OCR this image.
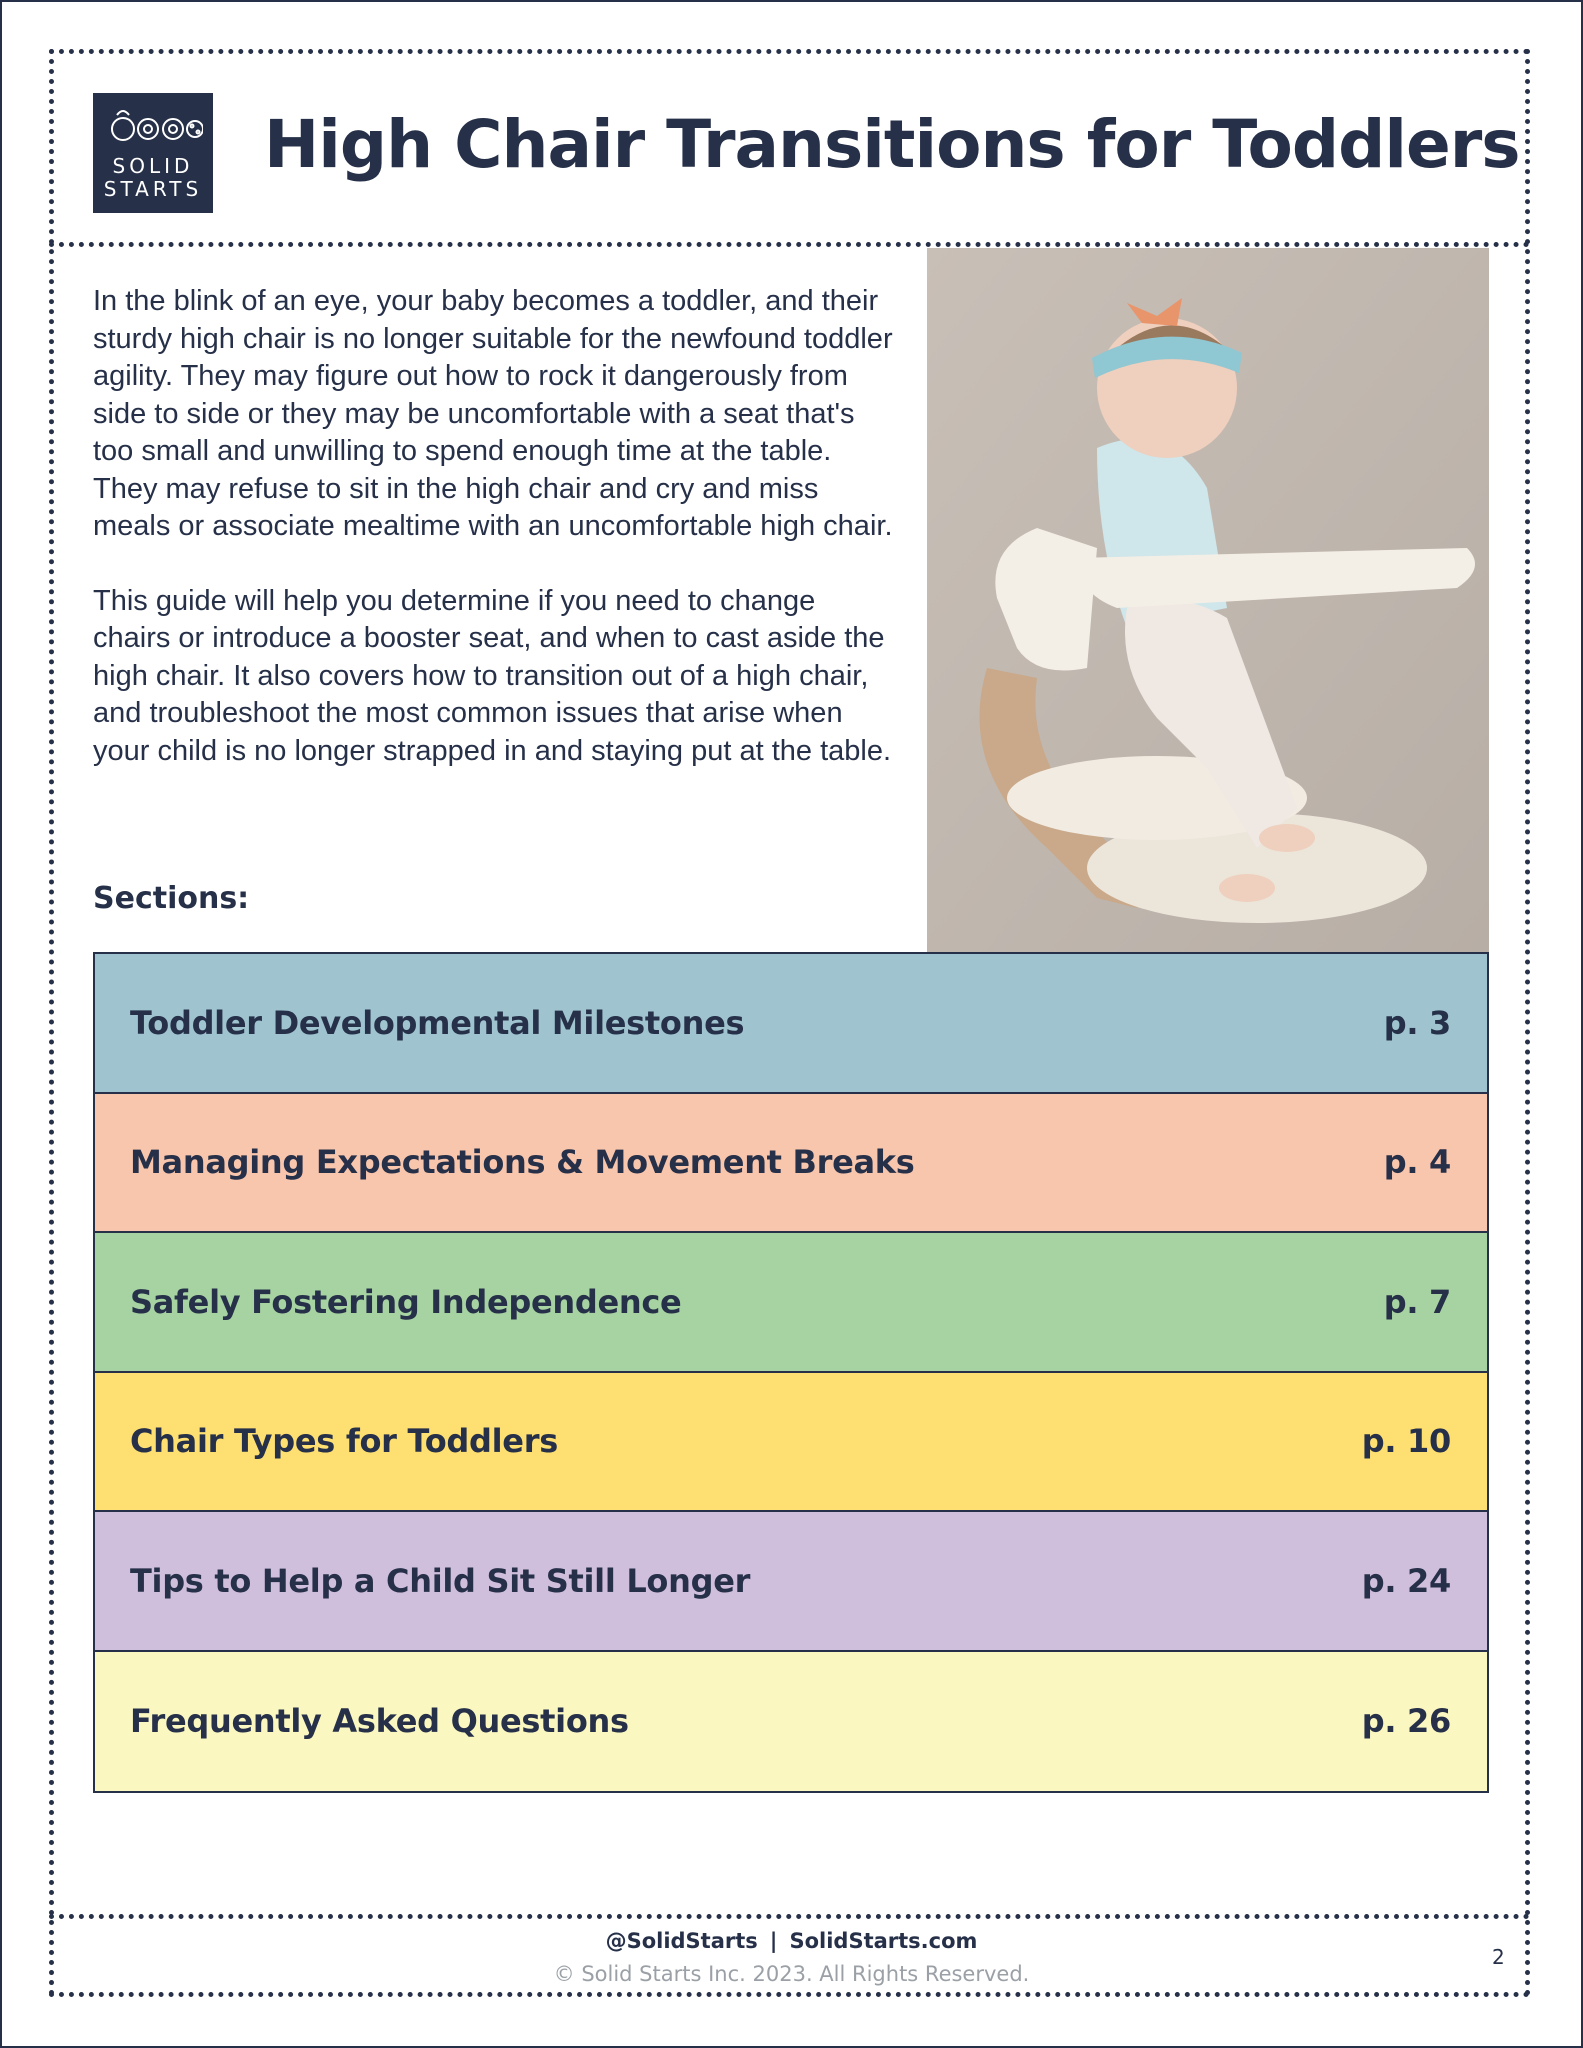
SOLID
STARTS
High Chair Transitions for Toddlers

In the blink of an eye, your baby becomes a toddler, and their sturdy high chair is no longer suitable for the newfound toddler agility. They may figure out how to rock it dangerously from side to side or they may be uncomfortable with a seat that's too small and unwilling to spend enough time at the table. They may refuse to sit in the high chair and cry and miss meals or associate mealtime with an uncomfortable high chair.

This guide will help you determine if you need to change chairs or introduce a booster seat, and when to cast aside the high chair. It also covers how to transition out of a high chair, and troubleshoot the most common issues that arise when your child is no longer strapped in and staying put at the table.

Sections:
Toddler Developmental Milestones	p. 3
Managing Expectations & Movement Breaks	p. 4
Safely Fostering Independence	p. 7
Chair Types for Toddlers	p. 10
Tips to Help a Child Sit Still Longer	p. 24
Frequently Asked Questions	p. 26
@SolidStarts | SolidStarts.com
© Solid Starts Inc. 2023. All Rights Reserved.
2
